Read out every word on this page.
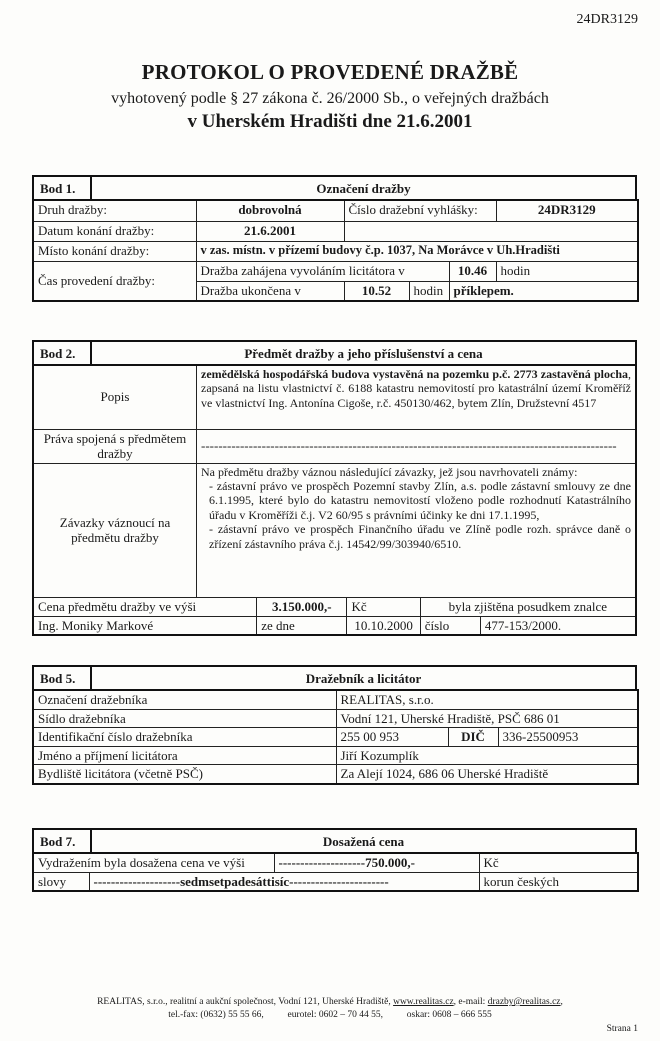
24DR3129
PROTOKOL O PROVEDENÉ DRAŽBĚ
vyhotovený podle § 27 zákona č. 26/2000 Sb., o veřejných dražbách
v Uherském Hradišti dne 21.6.2001
Bod 1.	Označení dražby
Druh dražby:	dobrovolná	Číslo dražební vyhlášky:			24DR3129
Datum konání dražby:	21.6.2001				
Místo konání dražby:	v zas. místn. v přízemí budovy č.p. 1037, Na Morávce v Uh.Hradišti				
Čas provedení dražby:	Dražba zahájena vyvoláním licitátora v			10.46	hodin
	Dražba ukončena v	10.52	hodin	příklepem.	
Bod 2.	Předmět dražby a jeho příslušenství a cena
Popis	zemědělská hospodářská budova vystavěná na pozemku p.č. 2773 zastavěná plocha, zapsaná na listu vlastnictví č. 6188 katastru nemovitostí pro katastrální území Kroměříž ve vlastnictví Ing. Antonína Cigoše, r.č. 450130/462, bytem Zlín, Družstevní 4517				
Práva spojená s předmětem dražby	------------------------------------------------------------------------------------------------				
Závazky váznoucí na předmětu dražby	Na předmětu dražby váznou následující závazky, jež jsou navrhovateli známy:
- zástavní právo ve prospěch Pozemní stavby Zlín, a.s. podle zástavní smlouvy ze dne 6.1.1995, které bylo do katastru nemovitostí vloženo podle rozhodnutí Katastrálního úřadu v Kroměříži č.j. V2 60/95 s právními účinky ke dni 17.1.1995,
- zástavní právo ve prospěch Finančního úřadu ve Zlíně podle rozh. správce daně o zřízení zástavního práva č.j. 14542/99/303940/6510.				

Cena předmětu dražby ve výši		3.150.000,-	Kč	byla zjištěna posudkem znalce	
Ing. Moniky Markové		ze dne	10.10.2000	číslo	477-153/2000.
Bod 5.	Dražebník a licitátor
Označení dražebníka	REALITAS, s.r.o.		
Sídlo dražebníka	Vodní 121, Uherské Hradiště, PSČ 686 01		
Identifikační číslo dražebníka	255 00 953	DIČ	336-25500953
Jméno a příjmení licitátora	Jiří Kozumplík		
Bydliště licitátora (včetně PSČ)	Za Alejí 1024, 686 06 Uherské Hradiště		
Bod 7.	Dosažená cena
Vydražením byla dosažena cena ve výši		--------------------750.000,-	Kč
slovy	--------------------sedmsetpadesáttisíc-----------------------		korun českých
REALITAS, s.r.o., realitní a aukční společnost, Vodní 121, Uherské Hradiště, www.realitas.cz, e-mail: drazby@realitas.cz,
tel.-fax: (0632) 55 55 66,          eurotel: 0602 – 70 44 55,          oskar: 0608 – 666 555
Strana 1
